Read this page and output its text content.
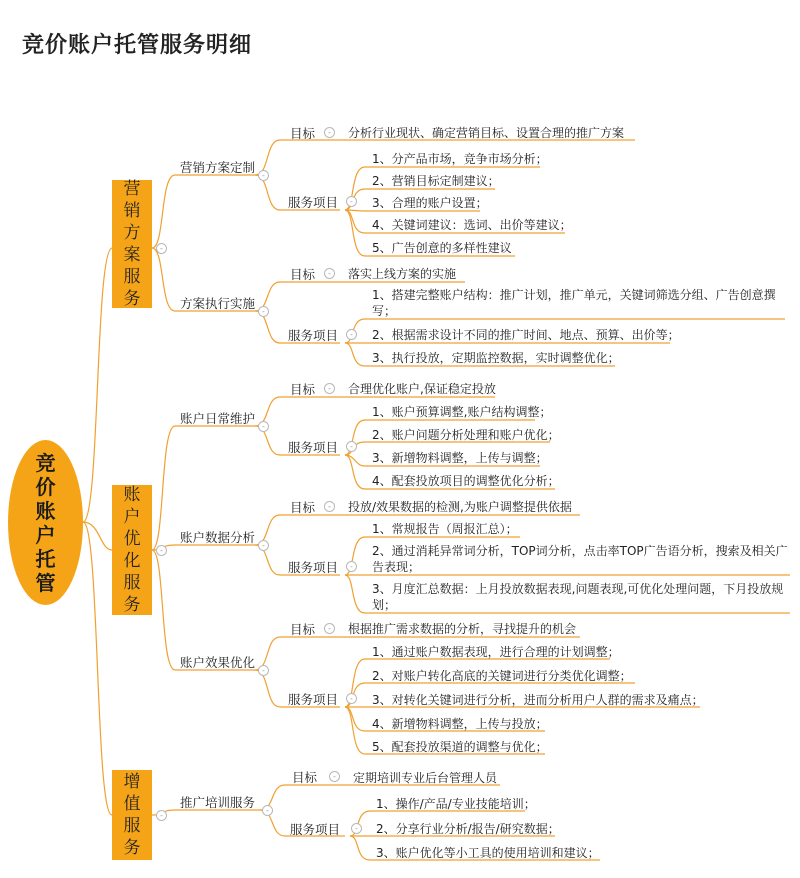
竞价账户托管服务明细
竞价账户托管
营销方案服务
-
账户优化服务
-
增值服务
-
营销方案定制
-
目标 -	分析行业现状、确定营销目标、设置合理的推广方案
服务项目
-
1、分产品市场，竞争市场分析；
2、营销目标定制建议；
3、合理的账户设置；
4、关键词建议：选词、出价等建议；
5、广告创意的多样性建议
方案执行实施
-
目标 -	落实上线方案的实施
服务项目
-
1、搭建完整账户结构：推广计划，推广单元，关键词筛选分组、广告创意撰写；
2、根据需求设计不同的推广时间、地点、预算、出价等；
3、执行投放，定期监控数据，实时调整优化；
账户日常维护
-
目标 -	合理优化账户,保证稳定投放
服务项目
-
1、账户预算调整,账户结构调整；
2、账户问题分析处理和账户优化；
3、新增物料调整，上传与调整；
4、配套投放项目的调整优化分析；
账户数据分析
-
目标 -	投放/效果数据的检测,为账户调整提供依据
服务项目
-
1、常规报告（周报汇总）；
2、通过消耗异常词分析，TOP词分析，点击率TOP广告语分析，搜索及相关广告表现；
3、月度汇总数据：上月投放数据表现,问题表现,可优化处理问题，下月投放规划；
账户效果优化
-
目标 -	根据推广需求数据的分析，寻找提升的机会
服务项目
-
1、通过账户数据表现，进行合理的计划调整；
2、对账户转化高底的关键词进行分类优化调整；
3、对转化关键词进行分析，进而分析用户人群的需求及痛点；
4、新增物料调整，上传与投放；
5、配套投放渠道的调整与优化；
推广培训服务
-
目标 -	定期培训专业后台管理人员
服务项目
-
1、操作/产品/专业技能培训；
2、分享行业分析/报告/研究数据；
3、账户优化等小工具的使用培训和建议；
